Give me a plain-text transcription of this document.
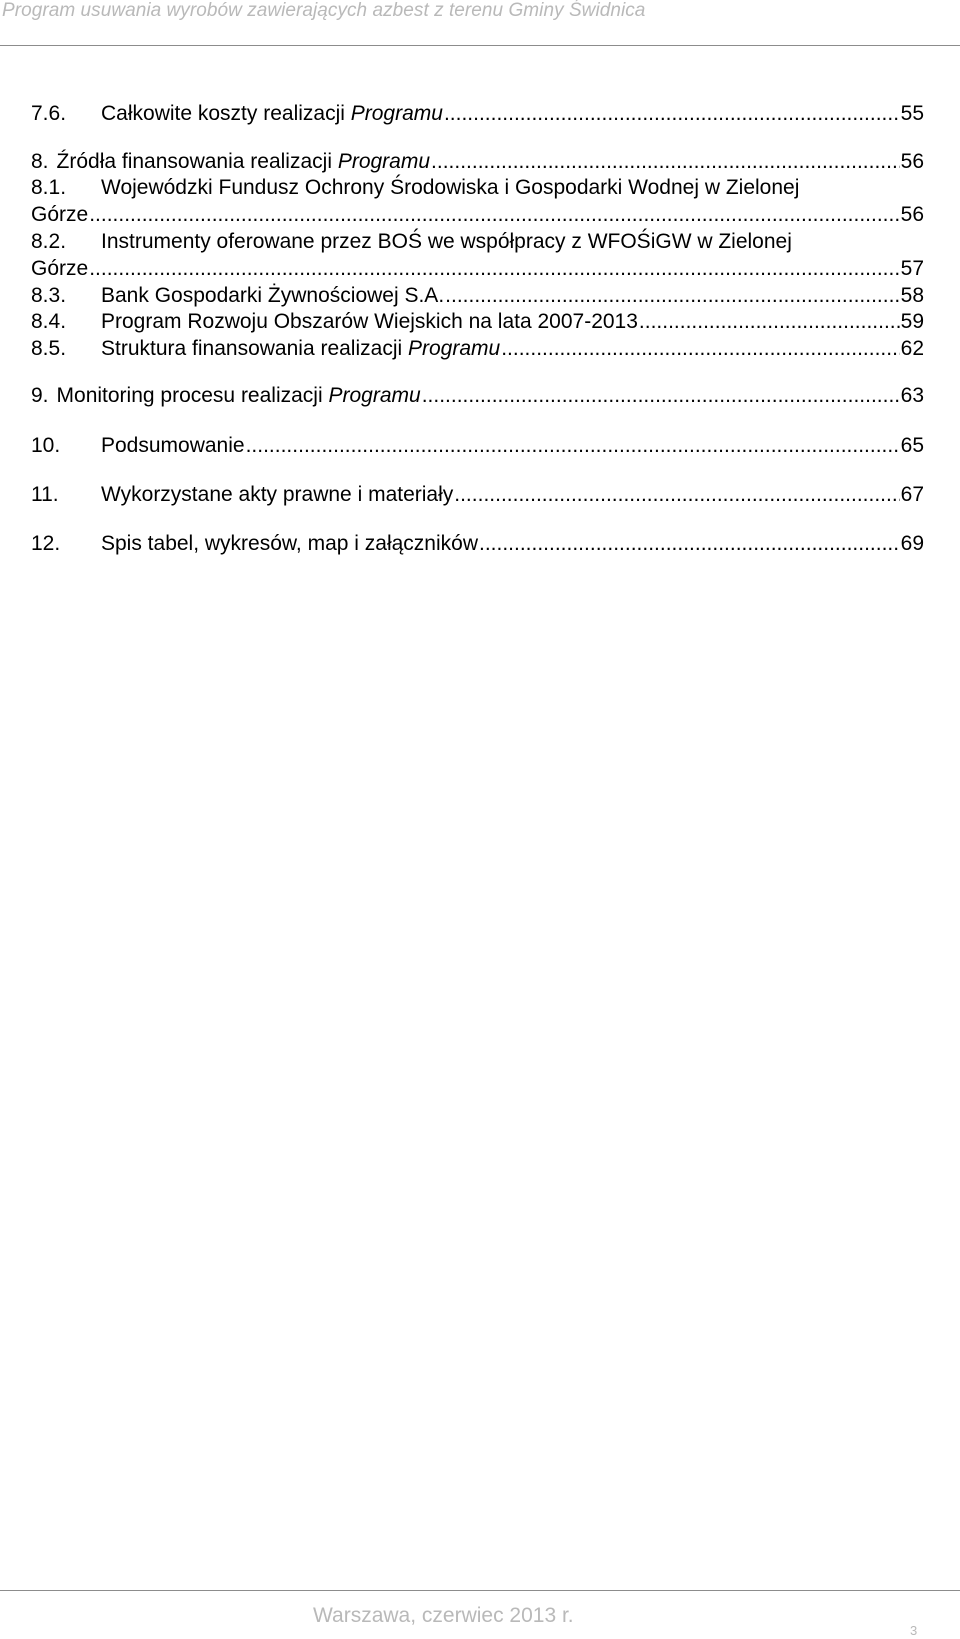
Program usuwania wyrobów zawierających azbest z terenu Gminy Świdnica
7.6.	Całkowite koszty realizacji Programu .....	55
8. Źródła finansowania realizacji Programu .....	56
8.1.	Wojewódzki Fundusz Ochrony Środowiska i Gospodarki Wodnej w Zielonej
Górze .....	56
8.2.	Instrumenty oferowane przez BOŚ we współpracy z WFOŚiGW w Zielonej
Górze .....	57
8.3.	Bank Gospodarki Żywnościowej S.A. .....	58
8.4.	Program Rozwoju Obszarów Wiejskich na lata 2007-2013 .....	59
8.5.	Struktura finansowania realizacji Programu .....	62
9. Monitoring procesu realizacji Programu .....	63
10.	Podsumowanie .....	65
11.	Wykorzystane akty prawne i materiały .....	67
12.	Spis tabel, wykresów, map i załączników .....	69
Warszawa, czerwiec 2013 r.
3
